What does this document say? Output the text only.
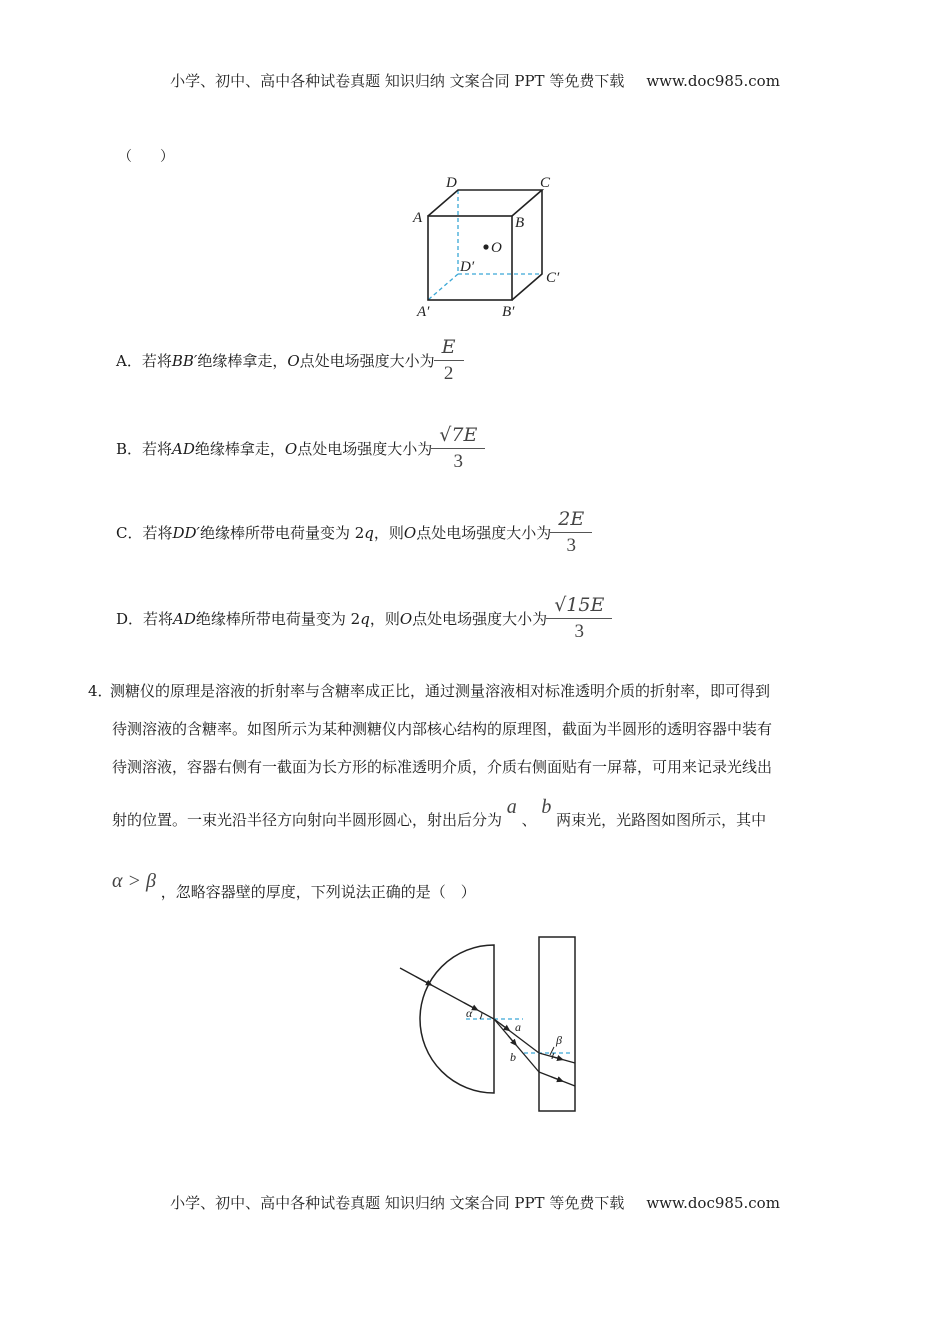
小学、初中、高中各种试卷真题 知识归纳 文案合同 PPT 等免费下载 www.doc985.com
（　　）
D	C
A	B
O
D′
C′
A′	B′
A． 若将 BB′ 绝缘棒拿走， O 点处电场强度大小为 $\frac{E}{2}$
B． 若将 AD 绝缘棒拿走， O 点处电场强度大小为 $\frac{√7E}{3}$
C． 若将 DD′ 绝缘棒所带电荷量变为 2 q ，则 O 点处电场强度大小为 $\frac{2E}{3}$
D． 若将 AD 绝缘棒所带电荷量变为 2 q ，则 O 点处电场强度大小为 $\frac{√15E}{3}$
4．测糖仪的原理是溶液的折射率与含糖率成正比，通过测量溶液相对标准透明介质的折射率，即可得到
待测溶液的含糖率。如图所示为某种测糖仪内部核心结构的原理图，截面为半圆形的透明容器中装有
待测溶液，容器右侧有一截面为长方形的标准透明介质，介质右侧面贴有一屏幕，可用来记录光线出
射的位置。一束光沿半径方向射向半圆形圆心，射出后分为 a 、 b 两束光，光路图如图所示，其中
α > β ，忽略容器壁的厚度，下列说法正确的是（　）
α
a
b
β
小学、初中、高中各种试卷真题 知识归纳 文案合同 PPT 等免费下载 www.doc985.com
